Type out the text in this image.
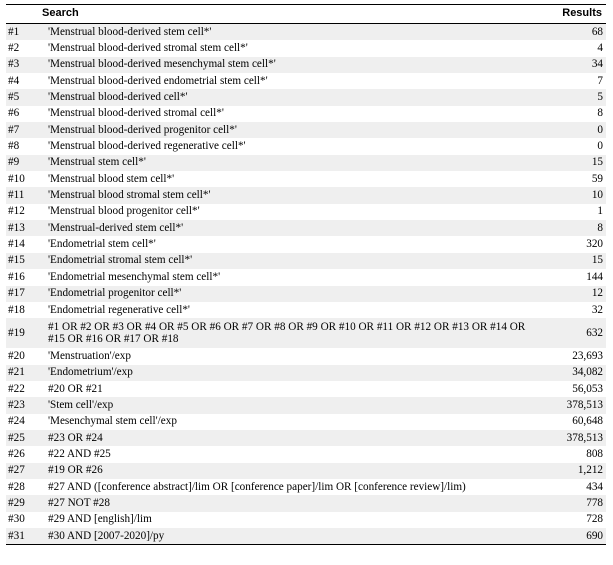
	Search	Results
#1	'Menstrual blood-derived stem cell*'	68
#2	'Menstrual blood-derived stromal stem cell*'	4
#3	'Menstrual blood-derived mesenchymal stem cell*'	34
#4	'Menstrual blood-derived endometrial stem cell*'	7
#5	'Menstrual blood-derived cell*'	5
#6	'Menstrual blood-derived stromal cell*'	8
#7	'Menstrual blood-derived progenitor cell*'	0
#8	'Menstrual blood-derived regenerative cell*'	0
#9	'Menstrual stem cell*'	15
#10	'Menstrual blood stem cell*'	59
#11	'Menstrual blood stromal stem cell*'	10
#12	'Menstrual blood progenitor cell*'	1
#13	'Menstrual-derived stem cell*'	8
#14	'Endometrial stem cell*'	320
#15	'Endometrial stromal stem cell*'	15
#16	'Endometrial mesenchymal stem cell*'	144
#17	'Endometrial progenitor cell*'	12
#18	'Endometrial regenerative cell*'	32
#19	#1 OR #2 OR #3 OR #4 OR #5 OR #6 OR #7 OR #8 OR #9 OR #10 OR #11 OR #12 OR #13 OR #14 OR #15 OR #16 OR #17 OR #18	632
#20	'Menstruation'/exp	23,693
#21	'Endometrium'/exp	34,082
#22	#20 OR #21	56,053
#23	'Stem cell'/exp	378,513
#24	'Mesenchymal stem cell'/exp	60,648
#25	#23 OR #24	378,513
#26	#22 AND #25	808
#27	#19 OR #26	1,212
#28	#27 AND ([conference abstract]/lim OR [conference paper]/lim OR [conference review]/lim)	434
#29	#27 NOT #28	778
#30	#29 AND [english]/lim	728
#31	#30 AND [2007-2020]/py	690
